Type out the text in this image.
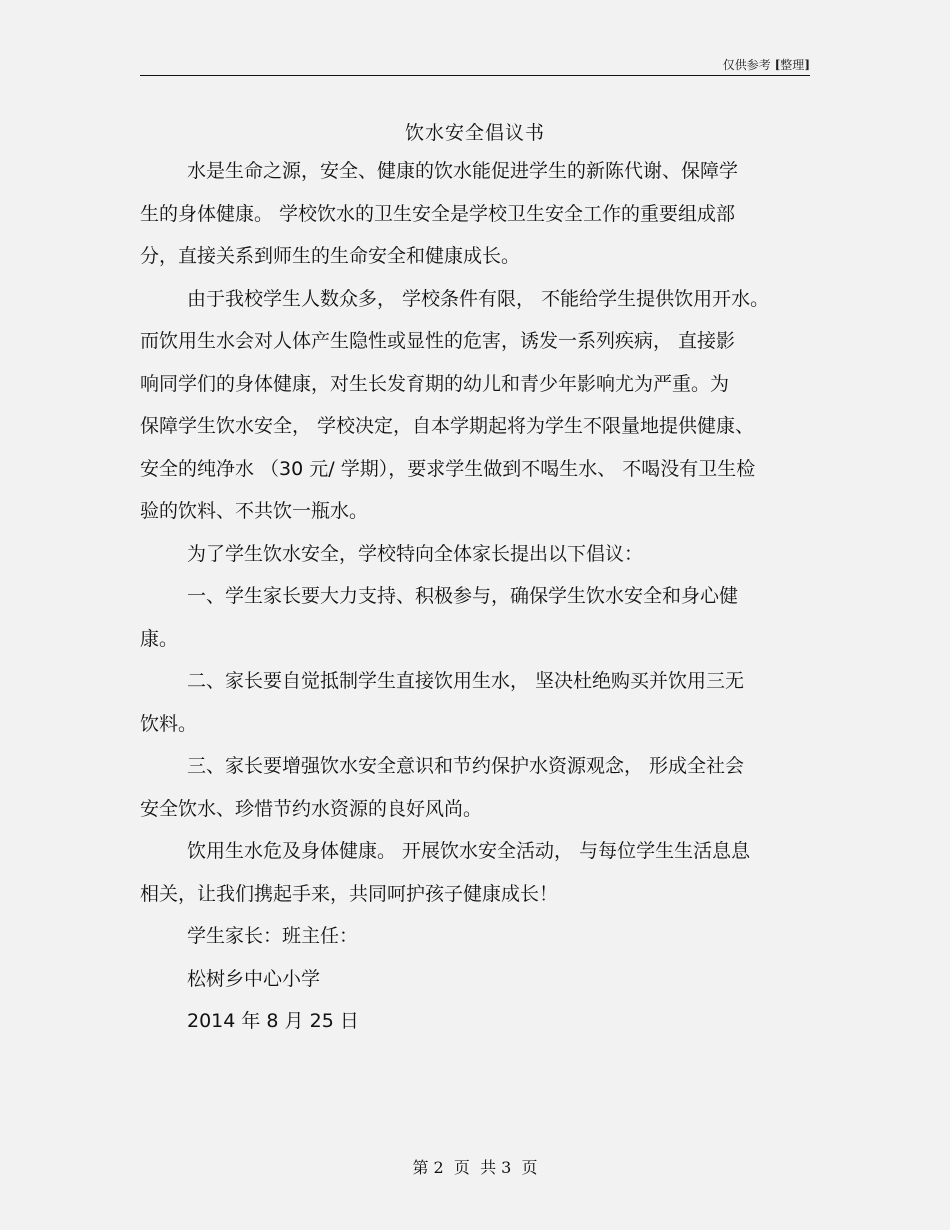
仅供参考 [整理]
饮水安全倡议书
水是生命之源，安全、健康的饮水能促进学生的新陈代谢、保障学
生的身体健康。 学校饮水的卫生安全是学校卫生安全工作的重要组成部
分，直接关系到师生的生命安全和健康成长。
由于我校学生人数众多， 学校条件有限， 不能给学生提供饮用开水。
而饮用生水会对人体产生隐性或显性的危害，诱发一系列疾病， 直接影
响同学们的身体健康，对生长发育期的幼儿和青少年影响尤为严重。为
保障学生饮水安全， 学校决定，自本学期起将为学生不限量地提供健康、
安全的纯净水 （30 元/ 学期），要求学生做到不喝生水、 不喝没有卫生检
验的饮料、不共饮一瓶水。
为了学生饮水安全，学校特向全体家长提出以下倡议：
一、学生家长要大力支持、积极参与，确保学生饮水安全和身心健
康。
二、家长要自觉抵制学生直接饮用生水， 坚决杜绝购买并饮用三无
饮料。
三、家长要增强饮水安全意识和节约保护水资源观念， 形成全社会
安全饮水、珍惜节约水资源的良好风尚。
饮用生水危及身体健康。 开展饮水安全活动， 与每位学生生活息息
相关，让我们携起手来，共同呵护孩子健康成长！
学生家长：班主任：
松树乡中心小学
2014 年 8 月 25 日
第 2  页  共 3  页
